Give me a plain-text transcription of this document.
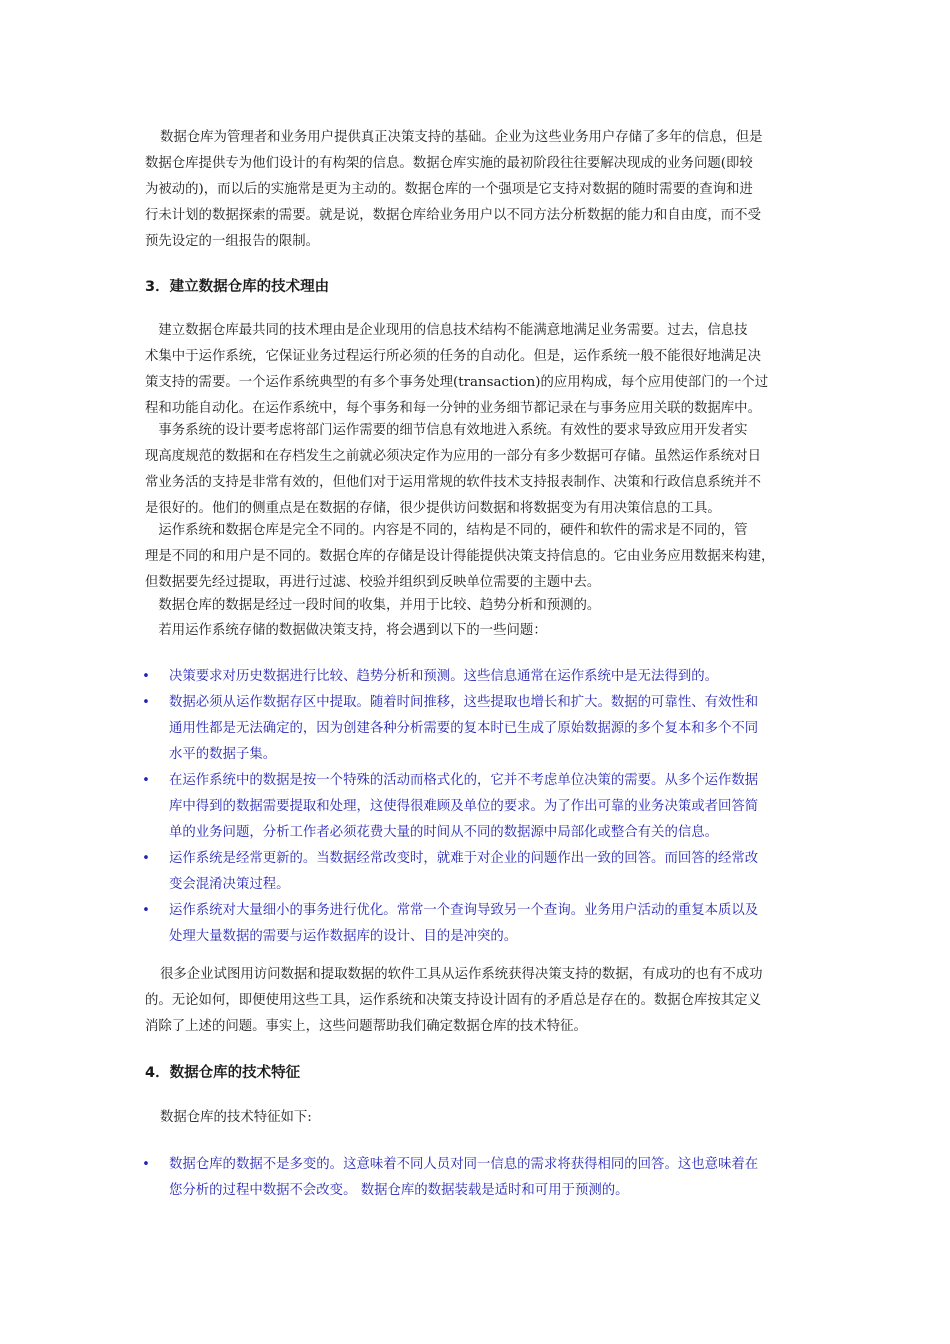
数据仓库为管理者和业务用户提供真正决策支持的基础。企业为这些业务用户存储了多年的信息，但是
数据仓库提供专为他们设计的有构架的信息。数据仓库实施的最初阶段往往要解决现成的业务问题(即较
为被动的)，而以后的实施常是更为主动的。数据仓库的一个强项是它支持对数据的随时需要的查询和进
行未计划的数据探索的需要。就是说，数据仓库给业务用户以不同方法分析数据的能力和自由度，而不受
预先设定的一组报告的限制。

3．建立数据仓库的技术理由

　建立数据仓库最共同的技术理由是企业现用的信息技术结构不能满意地满足业务需要。过去，信息技
术集中于运作系统，它保证业务过程运行所必须的任务的自动化。但是，运作系统一般不能很好地满足决
策支持的需要。一个运作系统典型的有多个事务处理(transaction)的应用构成，每个应用使部门的一个过
程和功能自动化。在运作系统中，每个事务和每一分钟的业务细节都记录在与事务应用关联的数据库中。

　事务系统的设计要考虑将部门运作需要的细节信息有效地进入系统。有效性的要求导致应用开发者实
现高度规范的数据和在存档发生之前就必须决定作为应用的一部分有多少数据可存储。虽然运作系统对日
常业务活的支持是非常有效的，但他们对于运用常规的软件技术支持报表制作、决策和行政信息系统并不
是很好的。他们的侧重点是在数据的存储，很少提供访问数据和将数据变为有用决策信息的工具。

　运作系统和数据仓库是完全不同的。内容是不同的，结构是不同的，硬件和软件的需求是不同的，管
理是不同的和用户是不同的。数据仓库的存储是设计得能提供决策支持信息的。它由业务应用数据来构建，
但数据要先经过提取，再进行过滤、校验并组织到反映单位需要的主题中去。

　数据仓库的数据是经过一段时间的收集，并用于比较、趋势分析和预测的。

　若用运作系统存储的数据做决策支持，将会遇到以下的一些问题：

• 决策要求对历史数据进行比较、趋势分析和预测。这些信息通常在运作系统中是无法得到的。
• 数据必须从运作数据存区中提取。随着时间推移，这些提取也增长和扩大。数据的可靠性、有效性和
通用性都是无法确定的，因为创建各种分析需要的复本时已生成了原始数据源的多个复本和多个不同
水平的数据子集。
• 在运作系统中的数据是按一个特殊的活动而格式化的，它并不考虑单位决策的需要。从多个运作数据
库中得到的数据需要提取和处理，这使得很难顾及单位的要求。为了作出可靠的业务决策或者回答简
单的业务问题，分析工作者必须花费大量的时间从不同的数据源中局部化或整合有关的信息。
• 运作系统是经常更新的。当数据经常改变时，就难于对企业的问题作出一致的回答。而回答的经常改
变会混淆决策过程。
• 运作系统对大量细小的事务进行优化。常常一个查询导致另一个查询。业务用户活动的重复本质以及
处理大量数据的需要与运作数据库的设计、目的是冲突的。

很多企业试图用访问数据和提取数据的软件工具从运作系统获得决策支持的数据，有成功的也有不成功
的。无论如何，即便使用这些工具，运作系统和决策支持设计固有的矛盾总是存在的。数据仓库按其定义
消除了上述的问题。事实上，这些问题帮助我们确定数据仓库的技术特征。

4．数据仓库的技术特征

数据仓库的技术特征如下:

• 数据仓库的数据不是多变的。这意味着不同人员对同一信息的需求将获得相同的回答。这也意味着在
您分析的过程中数据不会改变。 数据仓库的数据装载是适时和可用于预测的。
